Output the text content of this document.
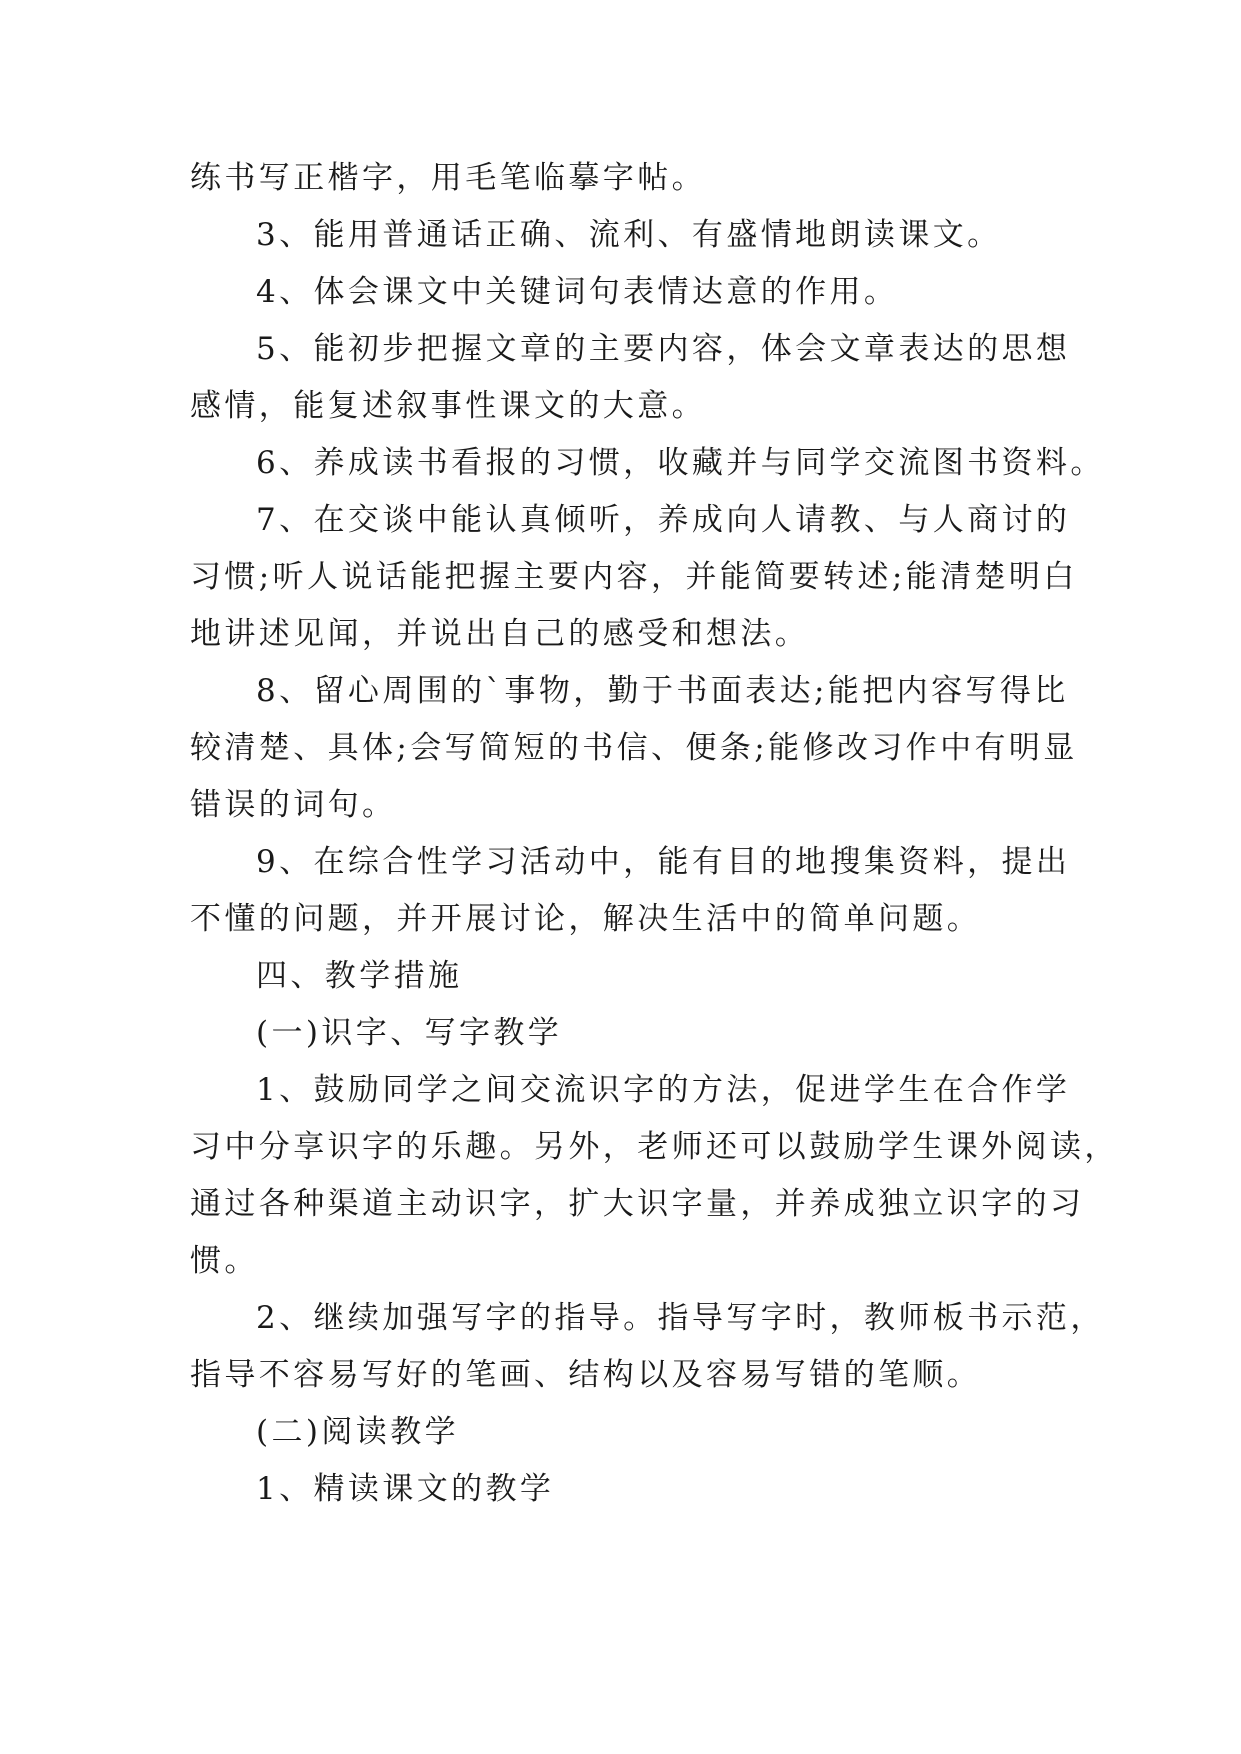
练书写正楷字，用毛笔临摹字帖。
3、能用普通话正确、流利、有盛情地朗读课文。
4、体会课文中关键词句表情达意的作用。
5、能初步把握文章的主要内容，体会文章表达的思想
感情，能复述叙事性课文的大意。
6、养成读书看报的习惯，收藏并与同学交流图书资料。
7、在交谈中能认真倾听，养成向人请教、与人商讨的
习惯;听人说话能把握主要内容，并能简要转述;能清楚明白
地讲述见闻，并说出自己的感受和想法。
8、留心周围的`事物，勤于书面表达;能把内容写得比
较清楚、具体;会写简短的书信、便条;能修改习作中有明显
错误的词句。
9、在综合性学习活动中，能有目的地搜集资料，提出
不懂的问题，并开展讨论，解决生活中的简单问题。
四、教学措施
(一)识字、写字教学
1、鼓励同学之间交流识字的方法，促进学生在合作学
习中分享识字的乐趣。另外，老师还可以鼓励学生课外阅读，
通过各种渠道主动识字，扩大识字量，并养成独立识字的习
惯。
2、继续加强写字的指导。指导写字时，教师板书示范，
指导不容易写好的笔画、结构以及容易写错的笔顺。
(二)阅读教学
1、精读课文的教学
